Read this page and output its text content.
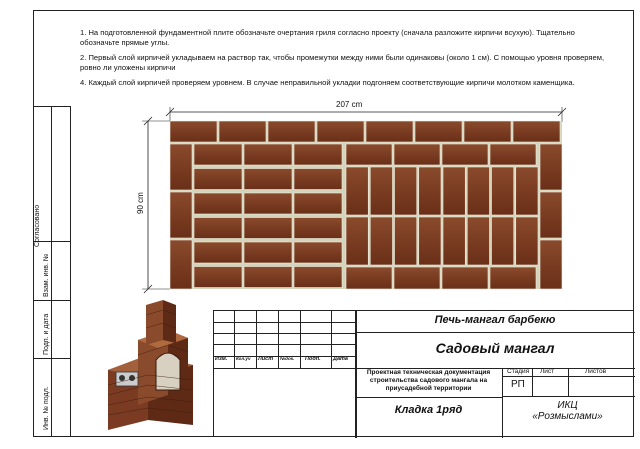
Согласовано
Взам. инв. №
Подп. и дата
Инв. № подл.

1. На подготовленной фундаментной плите обозначьте очертания гриля согласно проекту (сначала разложите кирпичи всухую). Тщательно обозначьте прямые углы.

2. Первый слой кирпичей укладываем на раствор так, чтобы промежутки между ними были одинаковы (около 1 см). С помощью уровня проверяем, ровно ли уложены кирпичи

4. Каждый слой кирпичей проверяем уровнем. В случае неправильной укладки подгоняем соответствующие кирпичи молотком каменщика.

207 cm
90 cm
Изм. Кол.уч Лист №док. Подп. Дата
Печь-мангал барбекю
Садовый мангал
Проектная техническая документация строительства садового мангала на приусадебной территории
Кладка 1ряд
Стадия Лист	Листов
РП
ИКЦ
«Розмыслами»
